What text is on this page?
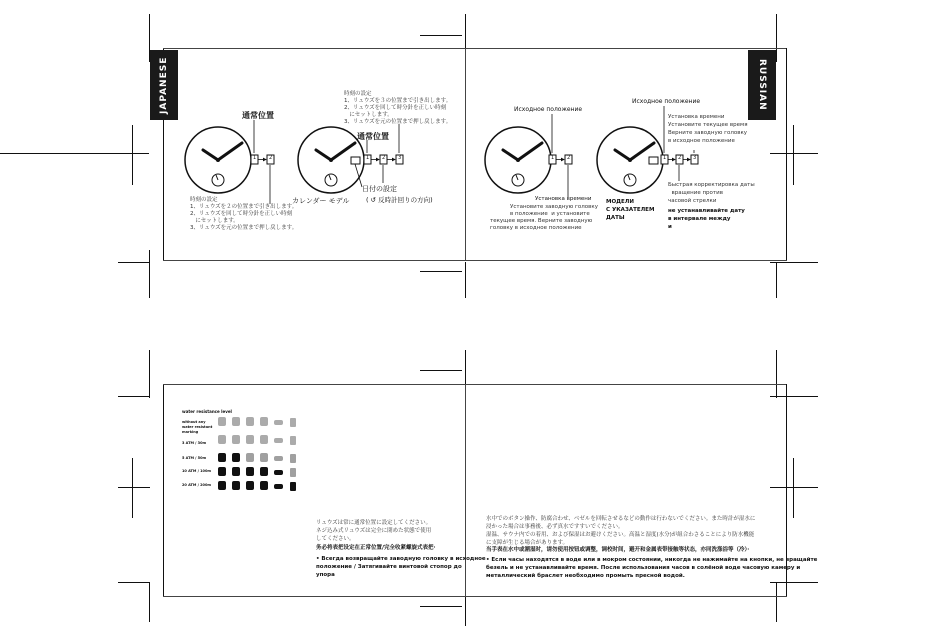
JAPANESE	RUSSIAN
1	2	1	2	3	1	2	1 2 3
通常位置
時刻の設定
1、リュウズを２の位置まで引き出します。
2、リュウズを回して時分針を正しい時刻
にセットします。
3、リュウズを元の位置まで押し戻します。
時刻の設定
1、リュウズを３の位置まで引き出します。
2、リュウズを回して時分針を正しい時刻
にセットします。
3、リュウズを元の位置まで押し戻します。
通常位置
日付の設定
( ↺ 反時計回りの方向)
カレンダー モデル
Исходное положение
Установка времени
Установите заводную головку
в положение  и установите
текущее время. Верните заводную
головку в исходное положение
Исходное положение
Установка времени
Установите текущее время
Верните заводную головку
в исходное положение
Быстрая корректировка даты
вращение против
часовой стрелки
МОДЕЛИ
С УКАЗАТЕЛЕМ
ДАТЫ
не устанавливайте дату
в интервале между
и
water resistance level
without any
water resistant
marking
3 ATM / 30m
5 ATM / 50m
10 ATM / 100m
20 ATM / 200m
リュウズは常に通常位置に設定してください。
ネジ込み式リュウズは完全に閉めた状態で使用
してください。
务必将表把设定在正常位置/完全收紧螺旋式表把·
• Всегда возвращайте заводную головку в исходное
положение / Затягивайте винтовой стопор до
упора
水中でのボタン操作、防腐合わせ、ベゼルを回転させるなどの動作は行わないでください。また時計が湿水に
浸かった場合は事務後、必ず真水ですすいでください。
湿温、サウナ内での着用、および保湿はお避けください。高温と湿度(水分)が組合わさることにより防水機能
に支障が生じる場合があります。
当手表在水中或潮湿时，请勿使用按钮或调整，调校时间，避开和金属表带接触等状态，亦同洗涤浴等（冷）·
• Если часы находятся в воде или в мокром состоянии, никогда не нажимайте на кнопки, не вращайте
безель и не устанавливайте время. После использования часов в солёной воде часовую камеру и
металлический браслет необходимо промыть пресной водой.
